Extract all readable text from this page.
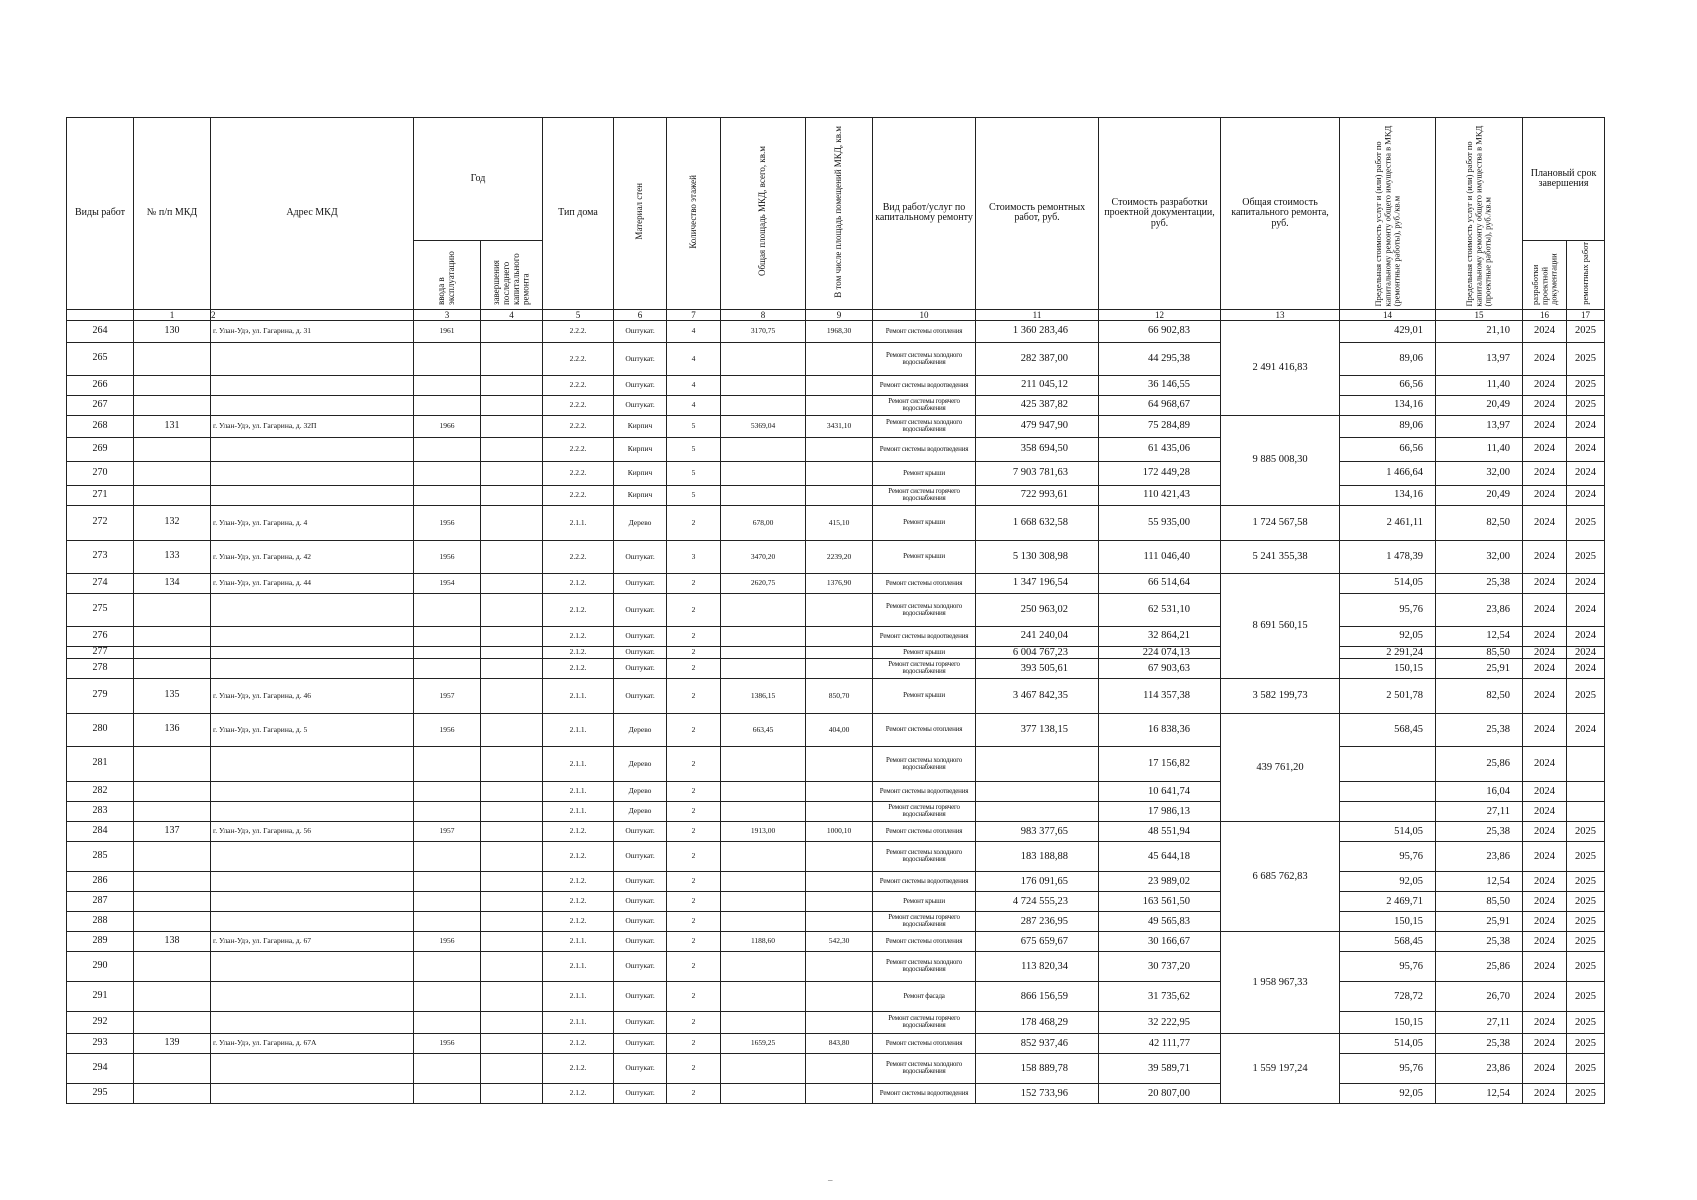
Виды работ	№ п/п МКД	Адрес МКД	Год		Тип дома	Материал стен	Количество этажей	Общая площадь МКД, всего, кв.м	В том числе площадь помещений МКД, кв.м	Вид работ/услуг по капитальному ремонту	Стоимость ремонтных работ, руб.	Стоимость разработки проектной документации, руб.	Общая стоимость капитального ремонта, руб.	Предельная стоимость услуг и (или) работ по капитальному ремонту общего имущества в МКД (ремонтные работы), руб./кв.м	Предельная стоимость услуг и (или) работ по капитальному ремонту общего имущества в МКД (проектные работы), руб./кв.м	Плановый срок завершения	
			ввода в эксплуатацию	завершения последнего капитального ремонта												разработки проектной документации	ремонтных работ
	1	2	3	4	5	6	7	8	9	10	11	12	13	14	15	16	17
264	130	г. Улан-Удэ, ул. Гагарина, д. 31	1961		2.2.2.	Оштукат.	4	3170,75	1968,30	Ремонт системы отопления	1 360 283,46	66 902,83	2 491 416,83	429,01	21,10	2024	2025
265					2.2.2.	Оштукат.	4			Ремонт системы холодного водоснабжения	282 387,00	44 295,38		89,06	13,97	2024	2025
266					2.2.2.	Оштукат.	4			Ремонт системы водоотведения	211 045,12	36 146,55		66,56	11,40	2024	2025
267					2.2.2.	Оштукат.	4			Ремонт системы горячего водоснабжения	425 387,82	64 968,67		134,16	20,49	2024	2025
268	131	г. Улан-Удэ, ул. Гагарина, д. 32П	1966		2.2.2.	Кирпич	5	5369,04	3431,10	Ремонт системы холодного водоснабжения	479 947,90	75 284,89	9 885 008,30	89,06	13,97	2024	2024
269					2.2.2.	Кирпич	5			Ремонт системы водоотведения	358 694,50	61 435,06		66,56	11,40	2024	2024
270					2.2.2.	Кирпич	5			Ремонт крыши	7 903 781,63	172 449,28		1 466,64	32,00	2024	2024
271					2.2.2.	Кирпич	5			Ремонт системы горячего водоснабжения	722 993,61	110 421,43		134,16	20,49	2024	2024
272	132	г. Улан-Удэ, ул. Гагарина, д. 4	1956		2.1.1.	Дерево	2	678,00	415,10	Ремонт крыши	1 668 632,58	55 935,00	1 724 567,58	2 461,11	82,50	2024	2025
273	133	г. Улан-Удэ, ул. Гагарина, д. 42	1956		2.2.2.	Оштукат.	3	3470,20	2239,20	Ремонт крыши	5 130 308,98	111 046,40	5 241 355,38	1 478,39	32,00	2024	2025
274	134	г. Улан-Удэ, ул. Гагарина, д. 44	1954		2.1.2.	Оштукат.	2	2620,75	1376,90	Ремонт системы отопления	1 347 196,54	66 514,64	8 691 560,15	514,05	25,38	2024	2024
275					2.1.2.	Оштукат.	2			Ремонт системы холодного водоснабжения	250 963,02	62 531,10		95,76	23,86	2024	2024
276					2.1.2.	Оштукат.	2			Ремонт системы водоотведения	241 240,04	32 864,21		92,05	12,54	2024	2024
277					2.1.2.	Оштукат.	2			Ремонт крыши	6 004 767,23	224 074,13		2 291,24	85,50	2024	2024
278					2.1.2.	Оштукат.	2			Ремонт системы горячего водоснабжения	393 505,61	67 903,63		150,15	25,91	2024	2024
279	135	г. Улан-Удэ, ул. Гагарина, д. 46	1957		2.1.1.	Оштукат.	2	1386,15	850,70	Ремонт крыши	3 467 842,35	114 357,38	3 582 199,73	2 501,78	82,50	2024	2025
280	136	г. Улан-Удэ, ул. Гагарина, д. 5	1956		2.1.1.	Дерево	2	663,45	404,00	Ремонт системы отопления	377 138,15	16 838,36	439 761,20	568,45	25,38	2024	2024
281					2.1.1.	Дерево	2			Ремонт системы холодного водоснабжения		17 156,82			25,86	2024	
282					2.1.1.	Дерево	2			Ремонт системы водоотведения		10 641,74			16,04	2024	
283					2.1.1.	Дерево	2			Ремонт системы горячего водоснабжения		17 986,13			27,11	2024	
284	137	г. Улан-Удэ, ул. Гагарина, д. 56	1957		2.1.2.	Оштукат.	2	1913,00	1000,10	Ремонт системы отопления	983 377,65	48 551,94	6 685 762,83	514,05	25,38	2024	2025
285					2.1.2.	Оштукат.	2			Ремонт системы холодного водоснабжения	183 188,88	45 644,18		95,76	23,86	2024	2025
286					2.1.2.	Оштукат.	2			Ремонт системы водоотведения	176 091,65	23 989,02		92,05	12,54	2024	2025
287					2.1.2.	Оштукат.	2			Ремонт крыши	4 724 555,23	163 561,50		2 469,71	85,50	2024	2025
288					2.1.2.	Оштукат.	2			Ремонт системы горячего водоснабжения	287 236,95	49 565,83		150,15	25,91	2024	2025
289	138	г. Улан-Удэ, ул. Гагарина, д. 67	1956		2.1.1.	Оштукат.	2	1188,60	542,30	Ремонт системы отопления	675 659,67	30 166,67	1 958 967,33	568,45	25,38	2024	2025
290					2.1.1.	Оштукат.	2			Ремонт системы холодного водоснабжения	113 820,34	30 737,20		95,76	25,86	2024	2025
291					2.1.1.	Оштукат.	2			Ремонт фасада	866 156,59	31 735,62		728,72	26,70	2024	2025
292					2.1.1.	Оштукат.	2			Ремонт системы горячего водоснабжения	178 468,29	32 222,95		150,15	27,11	2024	2025
293	139	г. Улан-Удэ, ул. Гагарина, д. 67А	1956		2.1.2.	Оштукат.	2	1659,25	843,80	Ремонт системы отопления	852 937,46	42 111,77	1 559 197,24	514,05	25,38	2024	2025
294					2.1.2.	Оштукат.	2			Ремонт системы холодного водоснабжения	158 889,78	39 589,71		95,76	23,86	2024	2025
295					2.1.2.	Оштукат.	2			Ремонт системы водоотведения	152 733,96	20 807,00		92,05	12,54	2024	2025
–
